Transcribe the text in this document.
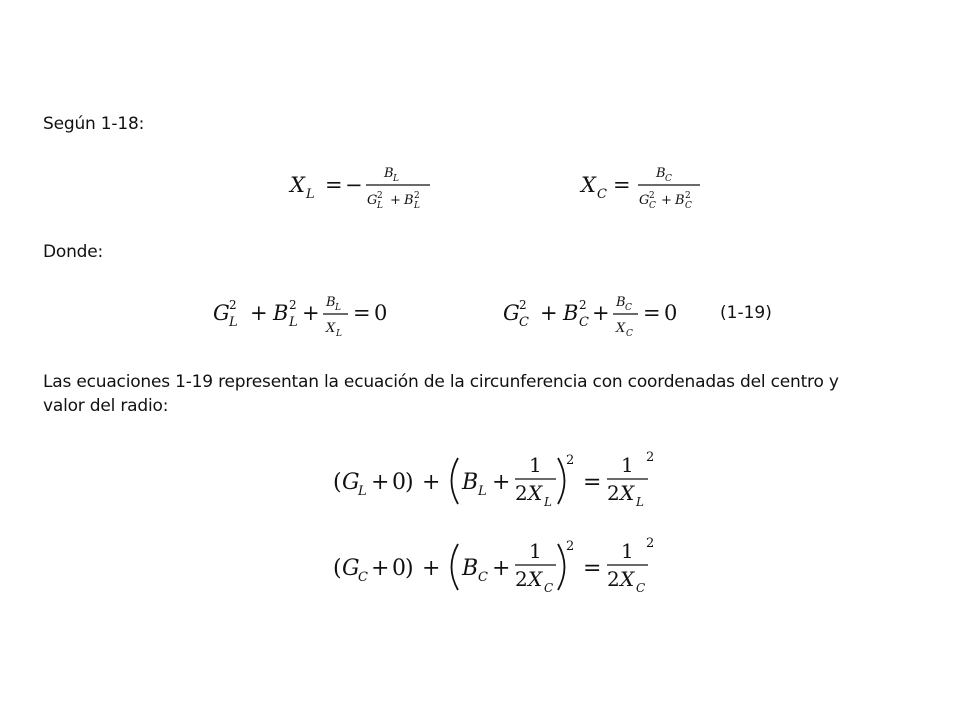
Según 1-18:
Donde:
Las ecuaciones 1-19 representan la ecuación de la circunferencia con coordenadas del centro y
valor del radio:
X L = − B L
G 2
L + B 2
L
X C = B C
G 2
C + B 2
C
G 2
L + B 2
L + B L
X L
= 0	G 2
C + B 2
C + B C
X C
= 0	(1-19)
( G
L + 0 ) + B L +
1
2 X L
2
=
1
2 X L
2
( G
C + 0 ) + B C +
1
2 X C
2
=
1
2 X C
2
